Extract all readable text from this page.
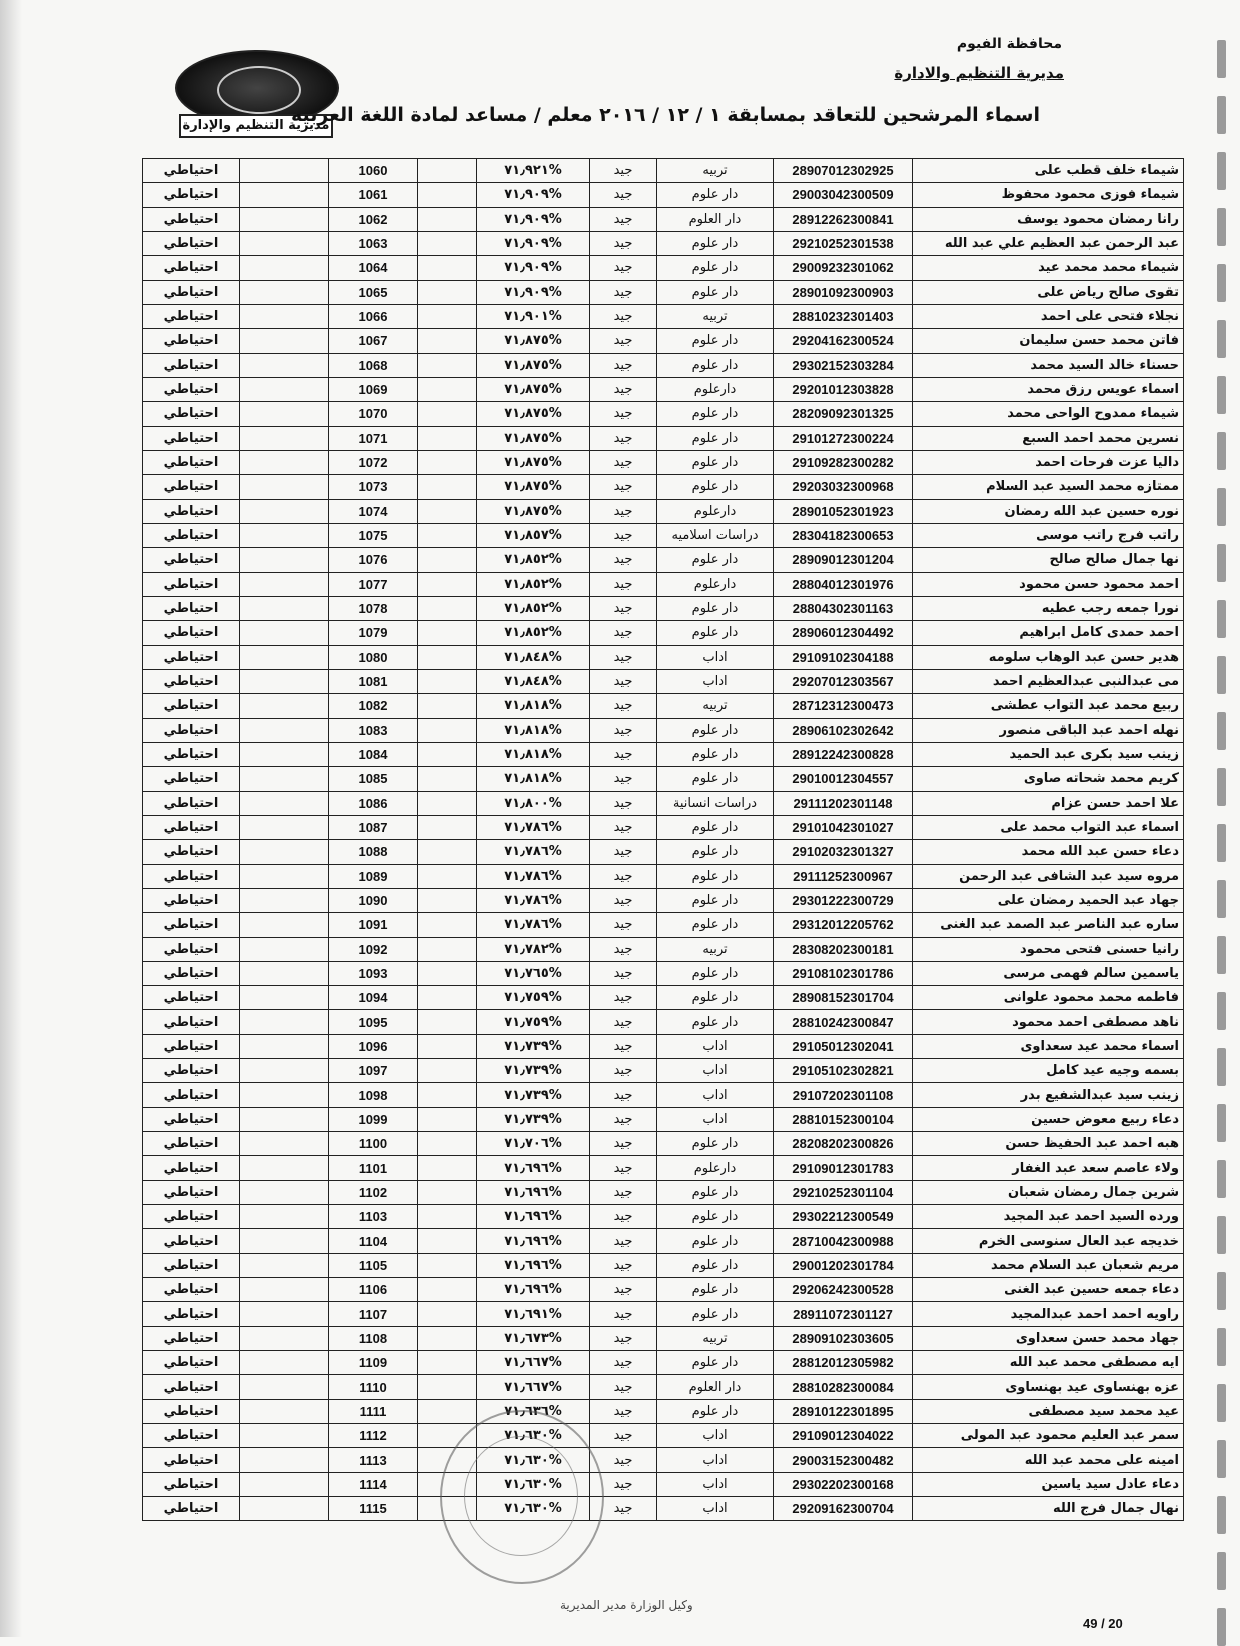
محافظة الفيوم
مديرية التنظيم والادارة
مديرية التنظيم والإدارة
اسماء المرشحين للتعاقد بمسابقة ١ / ١٢ / ٢٠١٦ معلم / مساعد لمادة اللغة العربيه
شيماء خلف قطب على	28907012302925	تربيه	جيد	%٧١٫٩٢١		1060		احتياطي
شيماء فوزى محمود محفوظ	29003042300509	دار علوم	جيد	%٧١٫٩٠٩		1061		احتياطي
رانا رمضان محمود يوسف	28912262300841	دار العلوم	جيد	%٧١٫٩٠٩		1062		احتياطي
عبد الرحمن عبد العظيم علي عبد الله	29210252301538	دار علوم	جيد	%٧١٫٩٠٩		1063		احتياطي
شيماء محمد محمد عيد	29009232301062	دار علوم	جيد	%٧١٫٩٠٩		1064		احتياطي
تقوى صالح رياض على	28901092300903	دار علوم	جيد	%٧١٫٩٠٩		1065		احتياطي
نجلاء فتحى على احمد	28810232301403	تربيه	جيد	%٧١٫٩٠١		1066		احتياطي
فاتن محمد حسن سليمان	29204162300524	دار علوم	جيد	%٧١٫٨٧٥		1067		احتياطي
حسناء خالد السيد محمد	29302152303284	دار علوم	جيد	%٧١٫٨٧٥		1068		احتياطي
اسماء عويس رزق محمد	29201012303828	دارعلوم	جيد	%٧١٫٨٧٥		1069		احتياطي
شيماء ممدوح الواحى محمد	28209092301325	دار علوم	جيد	%٧١٫٨٧٥		1070		احتياطي
نسرين محمد احمد السبع	29101272300224	دار علوم	جيد	%٧١٫٨٧٥		1071		احتياطي
داليا عزت فرحات احمد	29109282300282	دار علوم	جيد	%٧١٫٨٧٥		1072		احتياطي
ممتازه محمد السيد عبد السلام	29203032300968	دار علوم	جيد	%٧١٫٨٧٥		1073		احتياطي
نوره حسين عبد الله رمضان	28901052301923	دارعلوم	جيد	%٧١٫٨٧٥		1074		احتياطي
راتب فرج راتب موسى	28304182300653	دراسات اسلاميه	جيد	%٧١٫٨٥٧		1075		احتياطي
نها جمال صالح صالح	28909012301204	دار علوم	جيد	%٧١٫٨٥٢		1076		احتياطي
احمد محمود حسن محمود	28804012301976	دارعلوم	جيد	%٧١٫٨٥٢		1077		احتياطي
نورا جمعه رجب عطيه	28804302301163	دار علوم	جيد	%٧١٫٨٥٢		1078		احتياطي
احمد حمدى كامل ابراهيم	28906012304492	دار علوم	جيد	%٧١٫٨٥٢		1079		احتياطي
هدير حسن عبد الوهاب سلومه	29109102304188	اداب	جيد	%٧١٫٨٤٨		1080		احتياطي
مى عبدالنبى عبدالعظيم احمد	29207012303567	اداب	جيد	%٧١٫٨٤٨		1081		احتياطي
ربيع محمد عبد التواب عطشى	28712312300473	تربيه	جيد	%٧١٫٨١٨		1082		احتياطي
نهله احمد عبد الباقى منصور	28906102302642	دار علوم	جيد	%٧١٫٨١٨		1083		احتياطي
زينب سيد بكرى عبد الحميد	28912242300828	دار علوم	جيد	%٧١٫٨١٨		1084		احتياطي
كريم محمد شحاته صاوى	29010012304557	دار علوم	جيد	%٧١٫٨١٨		1085		احتياطي
علا احمد حسن عزام	29111202301148	دراسات انسانية	جيد	%٧١٫٨٠٠		1086		احتياطي
اسماء عبد التواب محمد على	29101042301027	دار علوم	جيد	%٧١٫٧٨٦		1087		احتياطي
دعاء حسن عبد الله محمد	29102032301327	دار علوم	جيد	%٧١٫٧٨٦		1088		احتياطي
مروه سيد عبد الشافى عبد الرحمن	29111252300967	دار علوم	جيد	%٧١٫٧٨٦		1089		احتياطي
جهاد عبد الحميد رمضان على	29301222300729	دار علوم	جيد	%٧١٫٧٨٦		1090		احتياطي
ساره عبد الناصر عبد الصمد عبد الغنى	29312012205762	دار علوم	جيد	%٧١٫٧٨٦		1091		احتياطي
رانيا حسنى فتحى محمود	28308202300181	تربيه	جيد	%٧١٫٧٨٢		1092		احتياطي
ياسمين سالم فهمى مرسى	29108102301786	دار علوم	جيد	%٧١٫٧٦٥		1093		احتياطي
فاطمه محمد محمود علوانى	28908152301704	دار علوم	جيد	%٧١٫٧٥٩		1094		احتياطي
ناهد مصطفى احمد محمود	28810242300847	دار علوم	جيد	%٧١٫٧٥٩		1095		احتياطي
اسماء محمد عيد سعداوى	29105012302041	اداب	جيد	%٧١٫٧٣٩		1096		احتياطي
بسمه وجيه عيد كامل	29105102302821	اداب	جيد	%٧١٫٧٣٩		1097		احتياطي
زينب سيد عبدالشفيع بدر	29107202301108	اداب	جيد	%٧١٫٧٣٩		1098		احتياطي
دعاء ربيع معوض حسين	28810152300104	اداب	جيد	%٧١٫٧٣٩		1099		احتياطي
هبه احمد عبد الحفيظ حسن	28208202300826	دار علوم	جيد	%٧١٫٧٠٦		1100		احتياطي
ولاء عاصم سعد عبد الغفار	29109012301783	دارعلوم	جيد	%٧١٫٦٩٦		1101		احتياطي
شرين جمال رمضان شعبان	29210252301104	دار علوم	جيد	%٧١٫٦٩٦		1102		احتياطي
ورده السيد احمد عبد المجيد	29302212300549	دار علوم	جيد	%٧١٫٦٩٦		1103		احتياطي
خديجه عبد العال سنوسى الخرم	28710042300988	دار علوم	جيد	%٧١٫٦٩٦		1104		احتياطي
مريم شعبان عبد السلام محمد	29001202301784	دار علوم	جيد	%٧١٫٦٩٦		1105		احتياطي
دعاء جمعه حسين عبد الغنى	29206242300528	دار علوم	جيد	%٧١٫٦٩٦		1106		احتياطي
راويه احمد احمد عبدالمجيد	28911072301127	دار علوم	جيد	%٧١٫٦٩١		1107		احتياطي
جهاد محمد حسن سعداوى	28909102303605	تربيه	جيد	%٧١٫٦٧٣		1108		احتياطي
ايه مصطفى محمد عبد الله	28812012305982	دار علوم	جيد	%٧١٫٦٦٧		1109		احتياطي
عزه بهنساوى عيد بهنساوى	28810282300084	دار العلوم	جيد	%٧١٫٦٦٧		1110		احتياطي
عيد محمد سيد مصطفى	28910122301895	دار علوم	جيد	%٧١٫٦٣٦		1111		احتياطي
سمر عبد العليم محمود عبد المولى	29109012304022	اداب	جيد	%٧١٫٦٣٠		1112		احتياطي
امينه على محمد عبد الله	29003152300482	اداب	جيد	%٧١٫٦٣٠		1113		احتياطي
دعاء عادل سيد ياسين	29302202300168	اداب	جيد	%٧١٫٦٣٠		1114		احتياطي
نهال جمال فرج الله	29209162300704	اداب	جيد	%٧١٫٦٣٠		1115		احتياطي
وكيل الوزارة مدير المديرية
49 / 20
